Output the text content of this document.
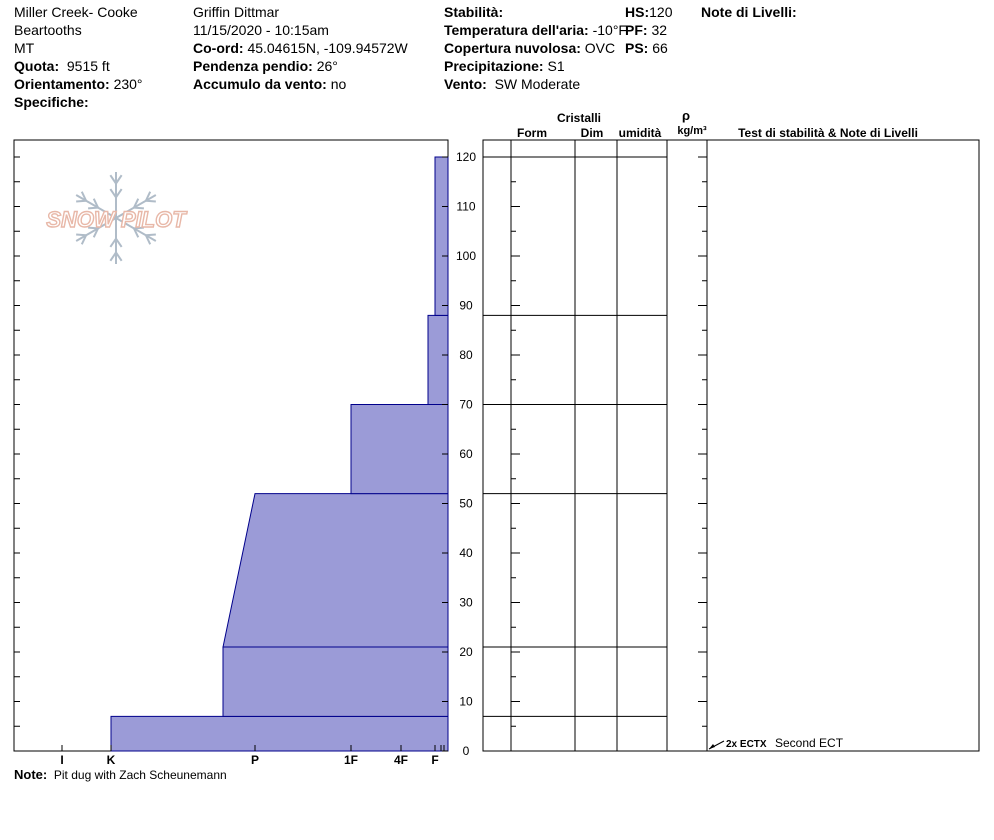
Miller Creek- Cooke
Beartooths
MT
Quota: 9515 ft
Orientamento: 230°
Specifiche:
Griffin Dittmar
11/15/2020 - 10:15am
Co-ord: 45.04615N, -109.94572W
Pendenza pendio: 26°
Accumulo da vento: no
Stabilità:
Temperatura dell'aria: -10°F
Copertura nuvolosa: OVC
Precipitazione: S1
Vento: SW Moderate
HS:120
PF: 32
PS: 66
Note di Livelli:
SNOW PILOT
I	K	P	1F	4F F
0
10
20
30
40
50
60
70
80
90
100
110
120
Cristalli
Form	Dim umidità
ρ
kg/m³	Test di stabilità & Note di Livelli
2x ECTX Second ECT
Note: Pit dug with Zach Scheunemann
